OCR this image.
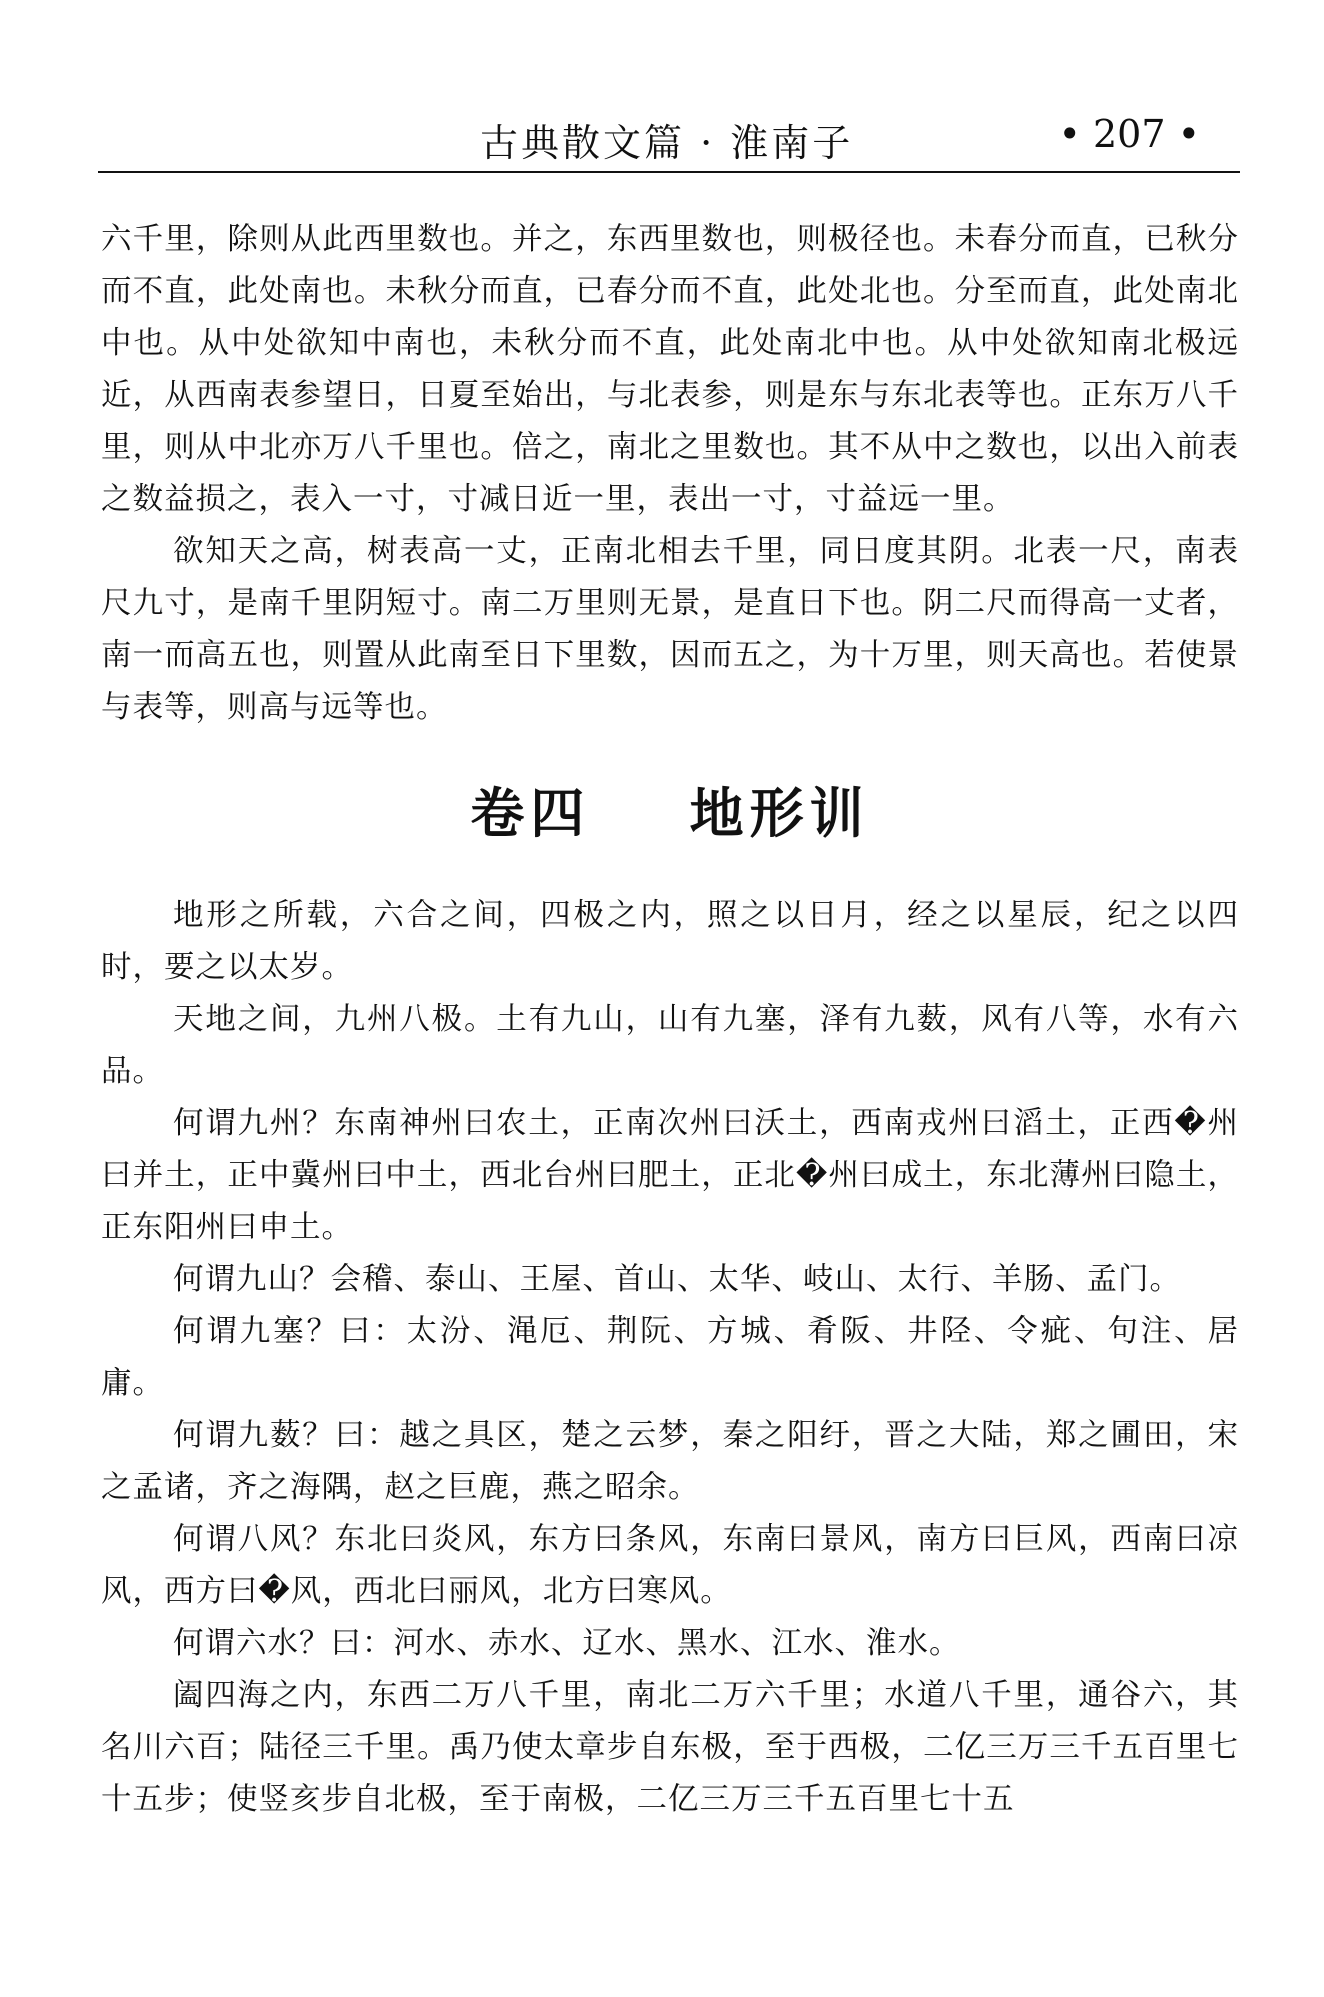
古典散文篇 · 淮南子	• 207 •

六千里，除则从此西里数也。并之，东西里数也，则极径也。未春分而直，已秋分而不直，此处南也。未秋分而直，已春分而不直，此处北也。分至而直，此处南北中也。从中处欲知中南也，未秋分而不直，此处南北中也。从中处欲知南北极远近，从西南表参望日，日夏至始出，与北表参，则是东与东北表等也。正东万八千里，则从中北亦万八千里也。倍之，南北之里数也。其不从中之数也，以出入前表之数益损之，表入一寸，寸减日近一里，表出一寸，寸益远一里。

欲知天之高，树表高一丈，正南北相去千里，同日度其阴。北表一尺，南表尺九寸，是南千里阴短寸。南二万里则无景，是直日下也。阴二尺而得高一丈者，南一而高五也，则置从此南至日下里数，因而五之，为十万里，则天高也。若使景与表等，则高与远等也。

卷四    地形训

地形之所载，六合之间，四极之内，照之以日月，经之以星辰，纪之以四时，要之以太岁。

天地之间，九州八极。土有九山，山有九塞，泽有九薮，风有八等，水有六品。

何谓九州？东南神州曰农土，正南次州曰沃土，西南戎州曰滔土，正西�州曰并土，正中冀州曰中土，西北台州曰肥土，正北�州曰成土，东北薄州曰隐土，正东阳州曰申土。

何谓九山？会稽、泰山、王屋、首山、太华、岐山、太行、羊肠、孟门。

何谓九塞？曰：太汾、渑厄、荆阮、方城、肴阪、井陉、令疵、句注、居庸。

何谓九薮？曰：越之具区，楚之云梦，秦之阳纡，晋之大陆，郑之圃田，宋之孟诸，齐之海隅，赵之巨鹿，燕之昭余。

何谓八风？东北曰炎风，东方曰条风，东南曰景风，南方曰巨风，西南曰凉风，西方曰�风，西北曰丽风，北方曰寒风。

何谓六水？曰：河水、赤水、辽水、黑水、江水、淮水。

阖四海之内，东西二万八千里，南北二万六千里；水道八千里，通谷六，其名川六百；陆径三千里。禹乃使太章步自东极，至于西极，二亿三万三千五百里七十五步；使竖亥步自北极，至于南极，二亿三万三千五百里七十五
